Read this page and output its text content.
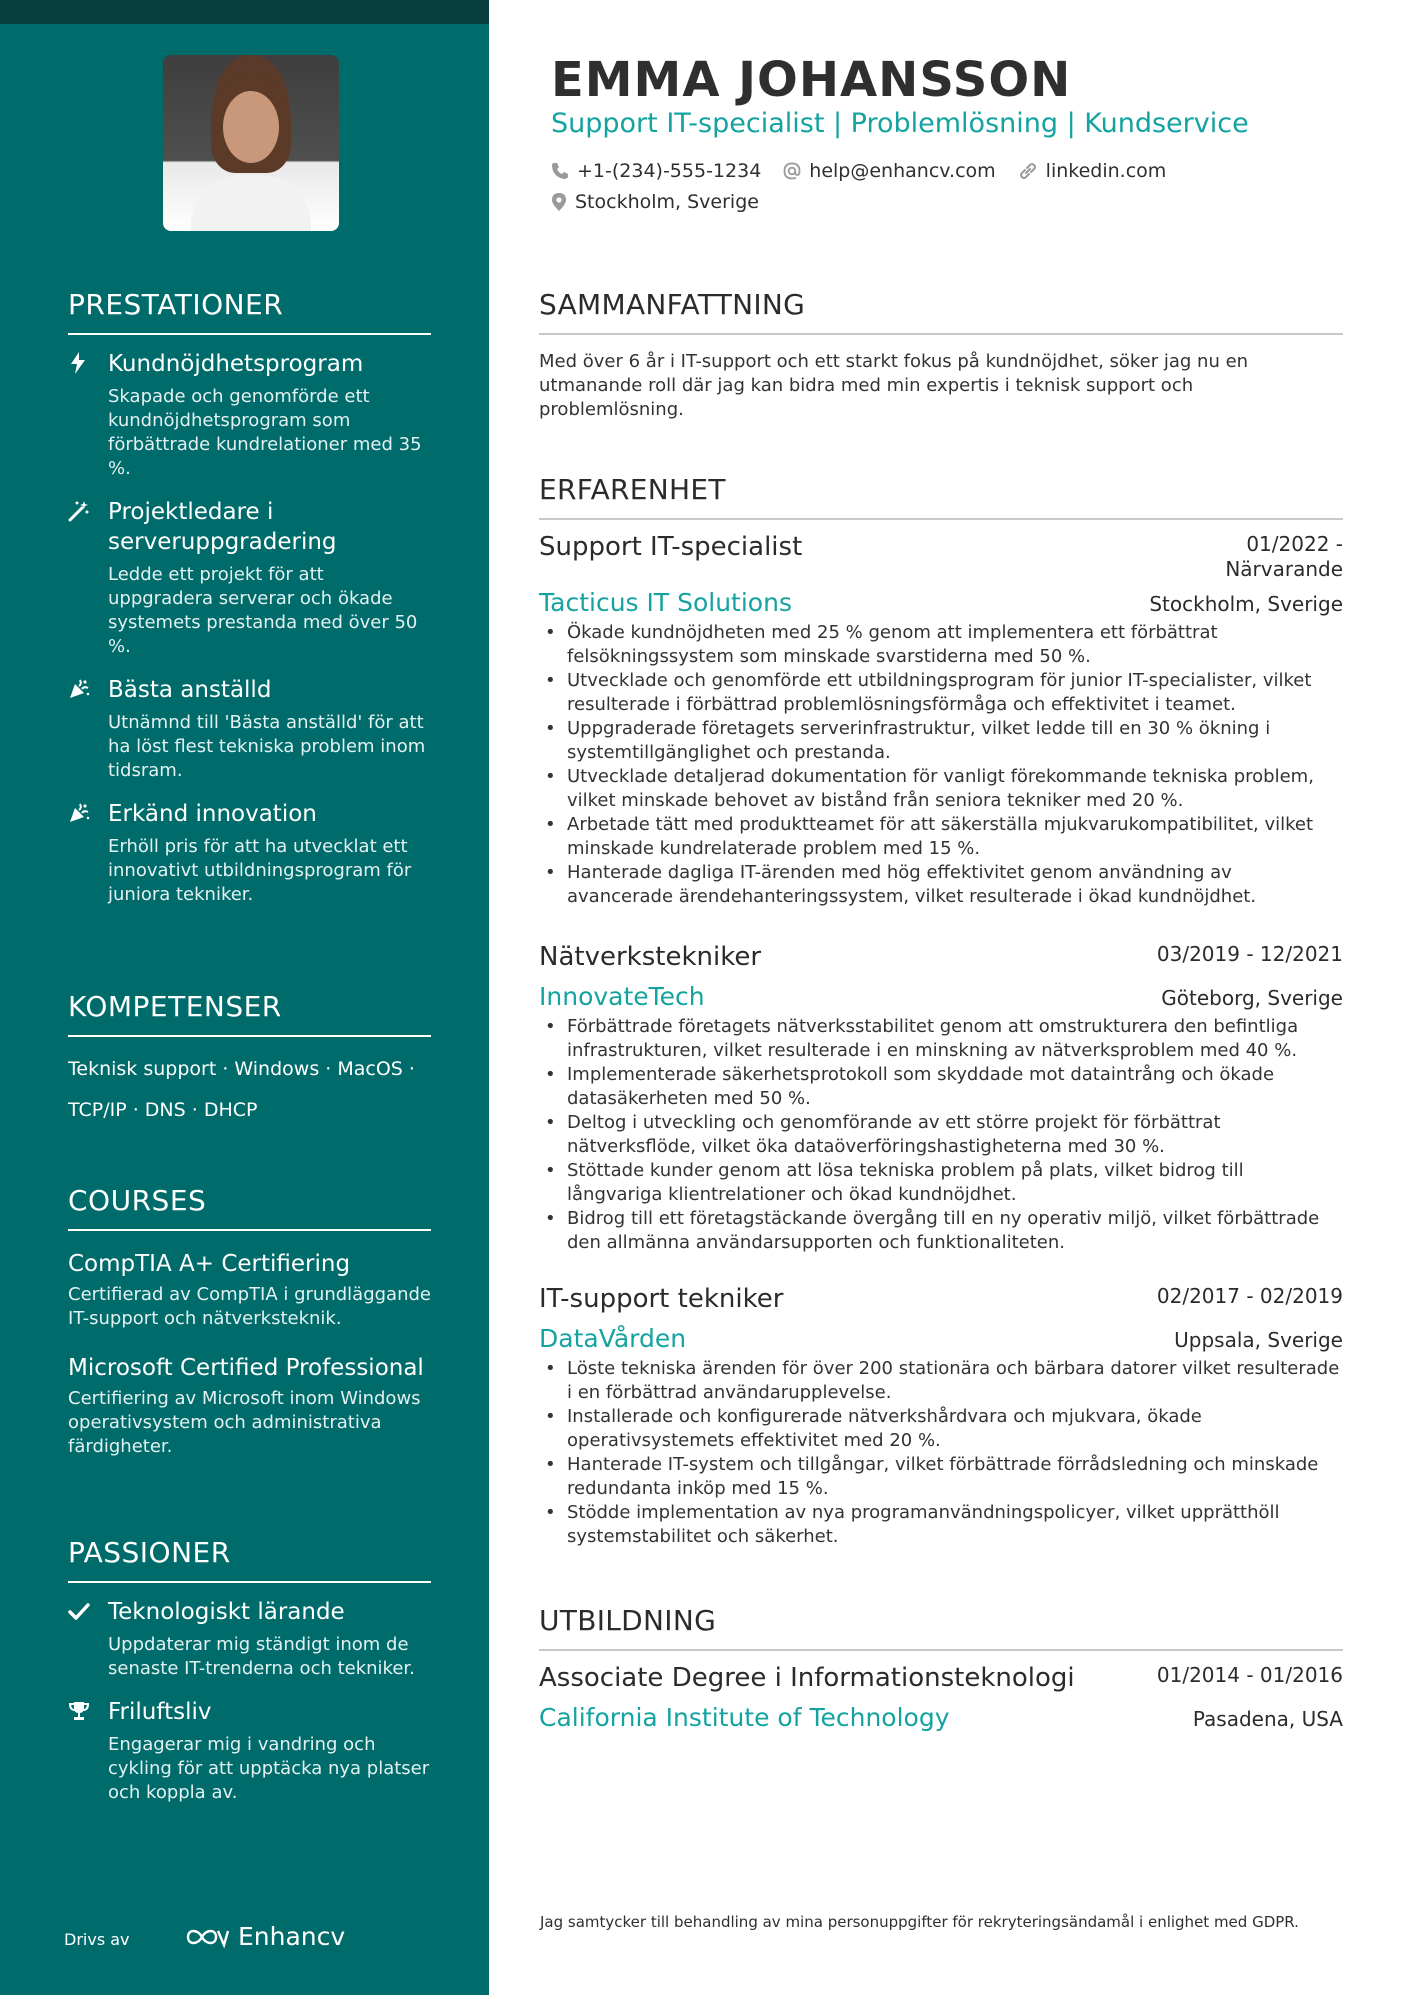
PRESTATIONER
Kundnöjdhetsprogram
Skapade och genomförde ett kundnöjdhetsprogram som förbättrade kundrelationer med 35 %.
Projektledare i serveruppgradering
Ledde ett projekt för att uppgradera serverar och ökade systemets prestanda med över 50 %.
Bästa anställd
Utnämnd till 'Bästa anställd' för att ha löst flest tekniska problem inom tidsram.
Erkänd innovation
Erhöll pris för att ha utvecklat ett innovativt utbildningsprogram för juniora tekniker.
KOMPETENSER
Teknisk support · Windows · MacOS ·
TCP/IP · DNS · DHCP
COURSES
CompTIA A+ Certifiering
Certifierad av CompTIA i grundläggande IT-support och nätverksteknik.
Microsoft Certified Professional
Certifiering av Microsoft inom Windows operativsystem och administrativa färdigheter.
PASSIONER
Teknologiskt lärande
Uppdaterar mig ständigt inom de senaste IT-trenderna och tekniker.
Friluftsliv
Engagerar mig i vandring och cykling för att upptäcka nya platser och koppla av.
Drivs av	Enhancv
EMMA JOHANSSON
Support IT-specialist | Problemlösning | Kundservice
+1-(234)-555-1234	help@enhancv.com	linkedin.com
Stockholm, Sverige
SAMMANFATTNING
Med över 6 år i IT-support och ett starkt fokus på kundnöjdhet, söker jag nu en utmanande roll där jag kan bidra med min expertis i teknisk support och problemlösning.
ERFARENHET
Support IT-specialist	01/2022 -
Närvarande
Tacticus IT Solutions	Stockholm, Sverige
• Ökade kundnöjdheten med 25 % genom att implementera ett förbättrat felsökningssystem som minskade svarstiderna med 50 %.
• Utvecklade och genomförde ett utbildningsprogram för junior IT-specialister, vilket resulterade i förbättrad problemlösningsförmåga och effektivitet i teamet.
• Uppgraderade företagets serverinfrastruktur, vilket ledde till en 30 % ökning i systemtillgänglighet och prestanda.
• Utvecklade detaljerad dokumentation för vanligt förekommande tekniska problem, vilket minskade behovet av bistånd från seniora tekniker med 20 %.
• Arbetade tätt med produktteamet för att säkerställa mjukvarukompatibilitet, vilket minskade kundrelaterade problem med 15 %.
• Hanterade dagliga IT-ärenden med hög effektivitet genom användning av avancerade ärendehanteringssystem, vilket resulterade i ökad kundnöjdhet.
Nätverkstekniker	03/2019 - 12/2021
InnovateTech	Göteborg, Sverige
• Förbättrade företagets nätverksstabilitet genom att omstrukturera den befintliga infrastrukturen, vilket resulterade i en minskning av nätverksproblem med 40 %.
• Implementerade säkerhetsprotokoll som skyddade mot dataintrång och ökade datasäkerheten med 50 %.
• Deltog i utveckling och genomförande av ett större projekt för förbättrat nätverksflöde, vilket öka dataöverföringshastigheterna med 30 %.
• Stöttade kunder genom att lösa tekniska problem på plats, vilket bidrog till långvariga klientrelationer och ökad kundnöjdhet.
• Bidrog till ett företagstäckande övergång till en ny operativ miljö, vilket förbättrade den allmänna användarsupporten och funktionaliteten.
IT-support tekniker	02/2017 - 02/2019
DataVården	Uppsala, Sverige
• Löste tekniska ärenden för över 200 stationära och bärbara datorer vilket resulterade i en förbättrad användarupplevelse.
• Installerade och konfigurerade nätverkshårdvara och mjukvara, ökade operativsystemets effektivitet med 20 %.
• Hanterade IT-system och tillgångar, vilket förbättrade förrådsledning och minskade redundanta inköp med 15 %.
• Stödde implementation av nya programanvändningspolicyer, vilket upprätthöll systemstabilitet och säkerhet.
UTBILDNING
Associate Degree i Informationsteknologi	01/2014 - 01/2016
California Institute of Technology	Pasadena, USA
Jag samtycker till behandling av mina personuppgifter för rekryteringsändamål i enlighet med GDPR.
